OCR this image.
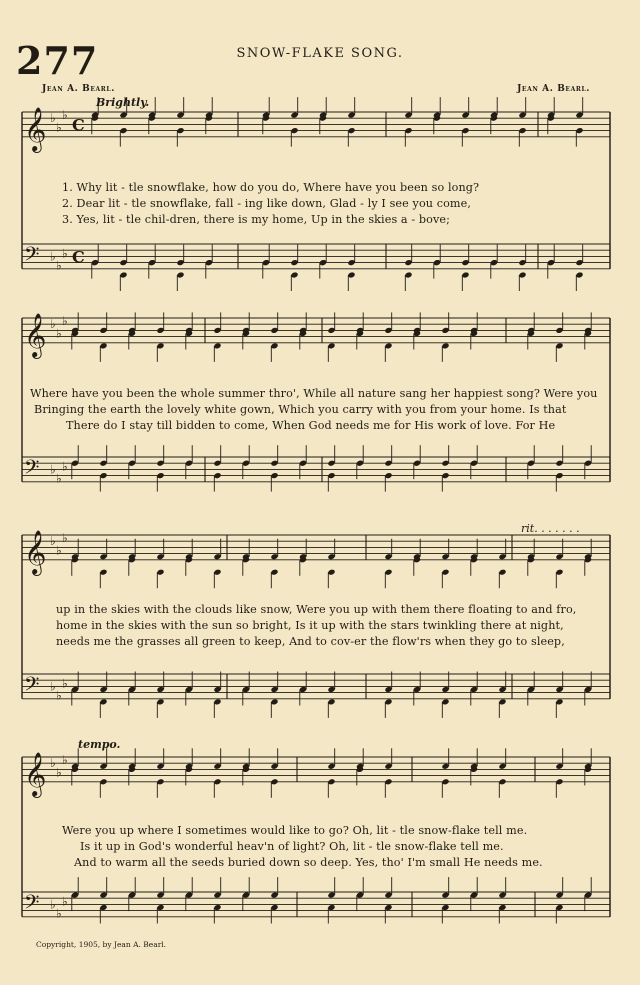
𝄞 ♭
♭
♭
C
𝄢 ♭
♭
♭ C
𝄞 ♭
♭
♭
𝄢 ♭
♭
♭
𝄞 ♭
♭
♭
𝄢 ♭
♭
♭
𝄞 ♭
♭
♭
𝄢 ♭
♭
♭
277	SNOW-FLAKE SONG.
Jean A. Bearl.	Jean A. Bearl.
Brightly.
rit. . . . . . .
tempo.
1. Why lit - tle snowflake, how do you do, Where have you been so long?
2. Dear lit - tle snowflake, fall - ing like down, Glad - ly I see you come,
3. Yes, lit - tle chil-dren, there is my home, Up in the skies a - bove;
Where have you been the whole summer thro', While all nature sang her happiest song? Were you
Bringing the earth the lovely white gown, Which you carry with you from your home. Is that
There do I stay till bidden to come, When God needs me for His work of love. For He
up in the skies with the clouds like snow, Were you up with them there floating to and fro,
home in the skies with the sun so bright, Is it up with the stars twinkling there at night,
needs me the grasses all green to keep, And to cov-er the flow'rs when they go to sleep,
Were you up where I sometimes would like to go? Oh, lit - tle snow-flake tell me.
Is it up in God's wonderful heav'n of light? Oh, lit - tle snow-flake tell me.
And to warm all the seeds buried down so deep. Yes, tho' I'm small He needs me.
Copyright, 1905, by Jean A. Bearl.
